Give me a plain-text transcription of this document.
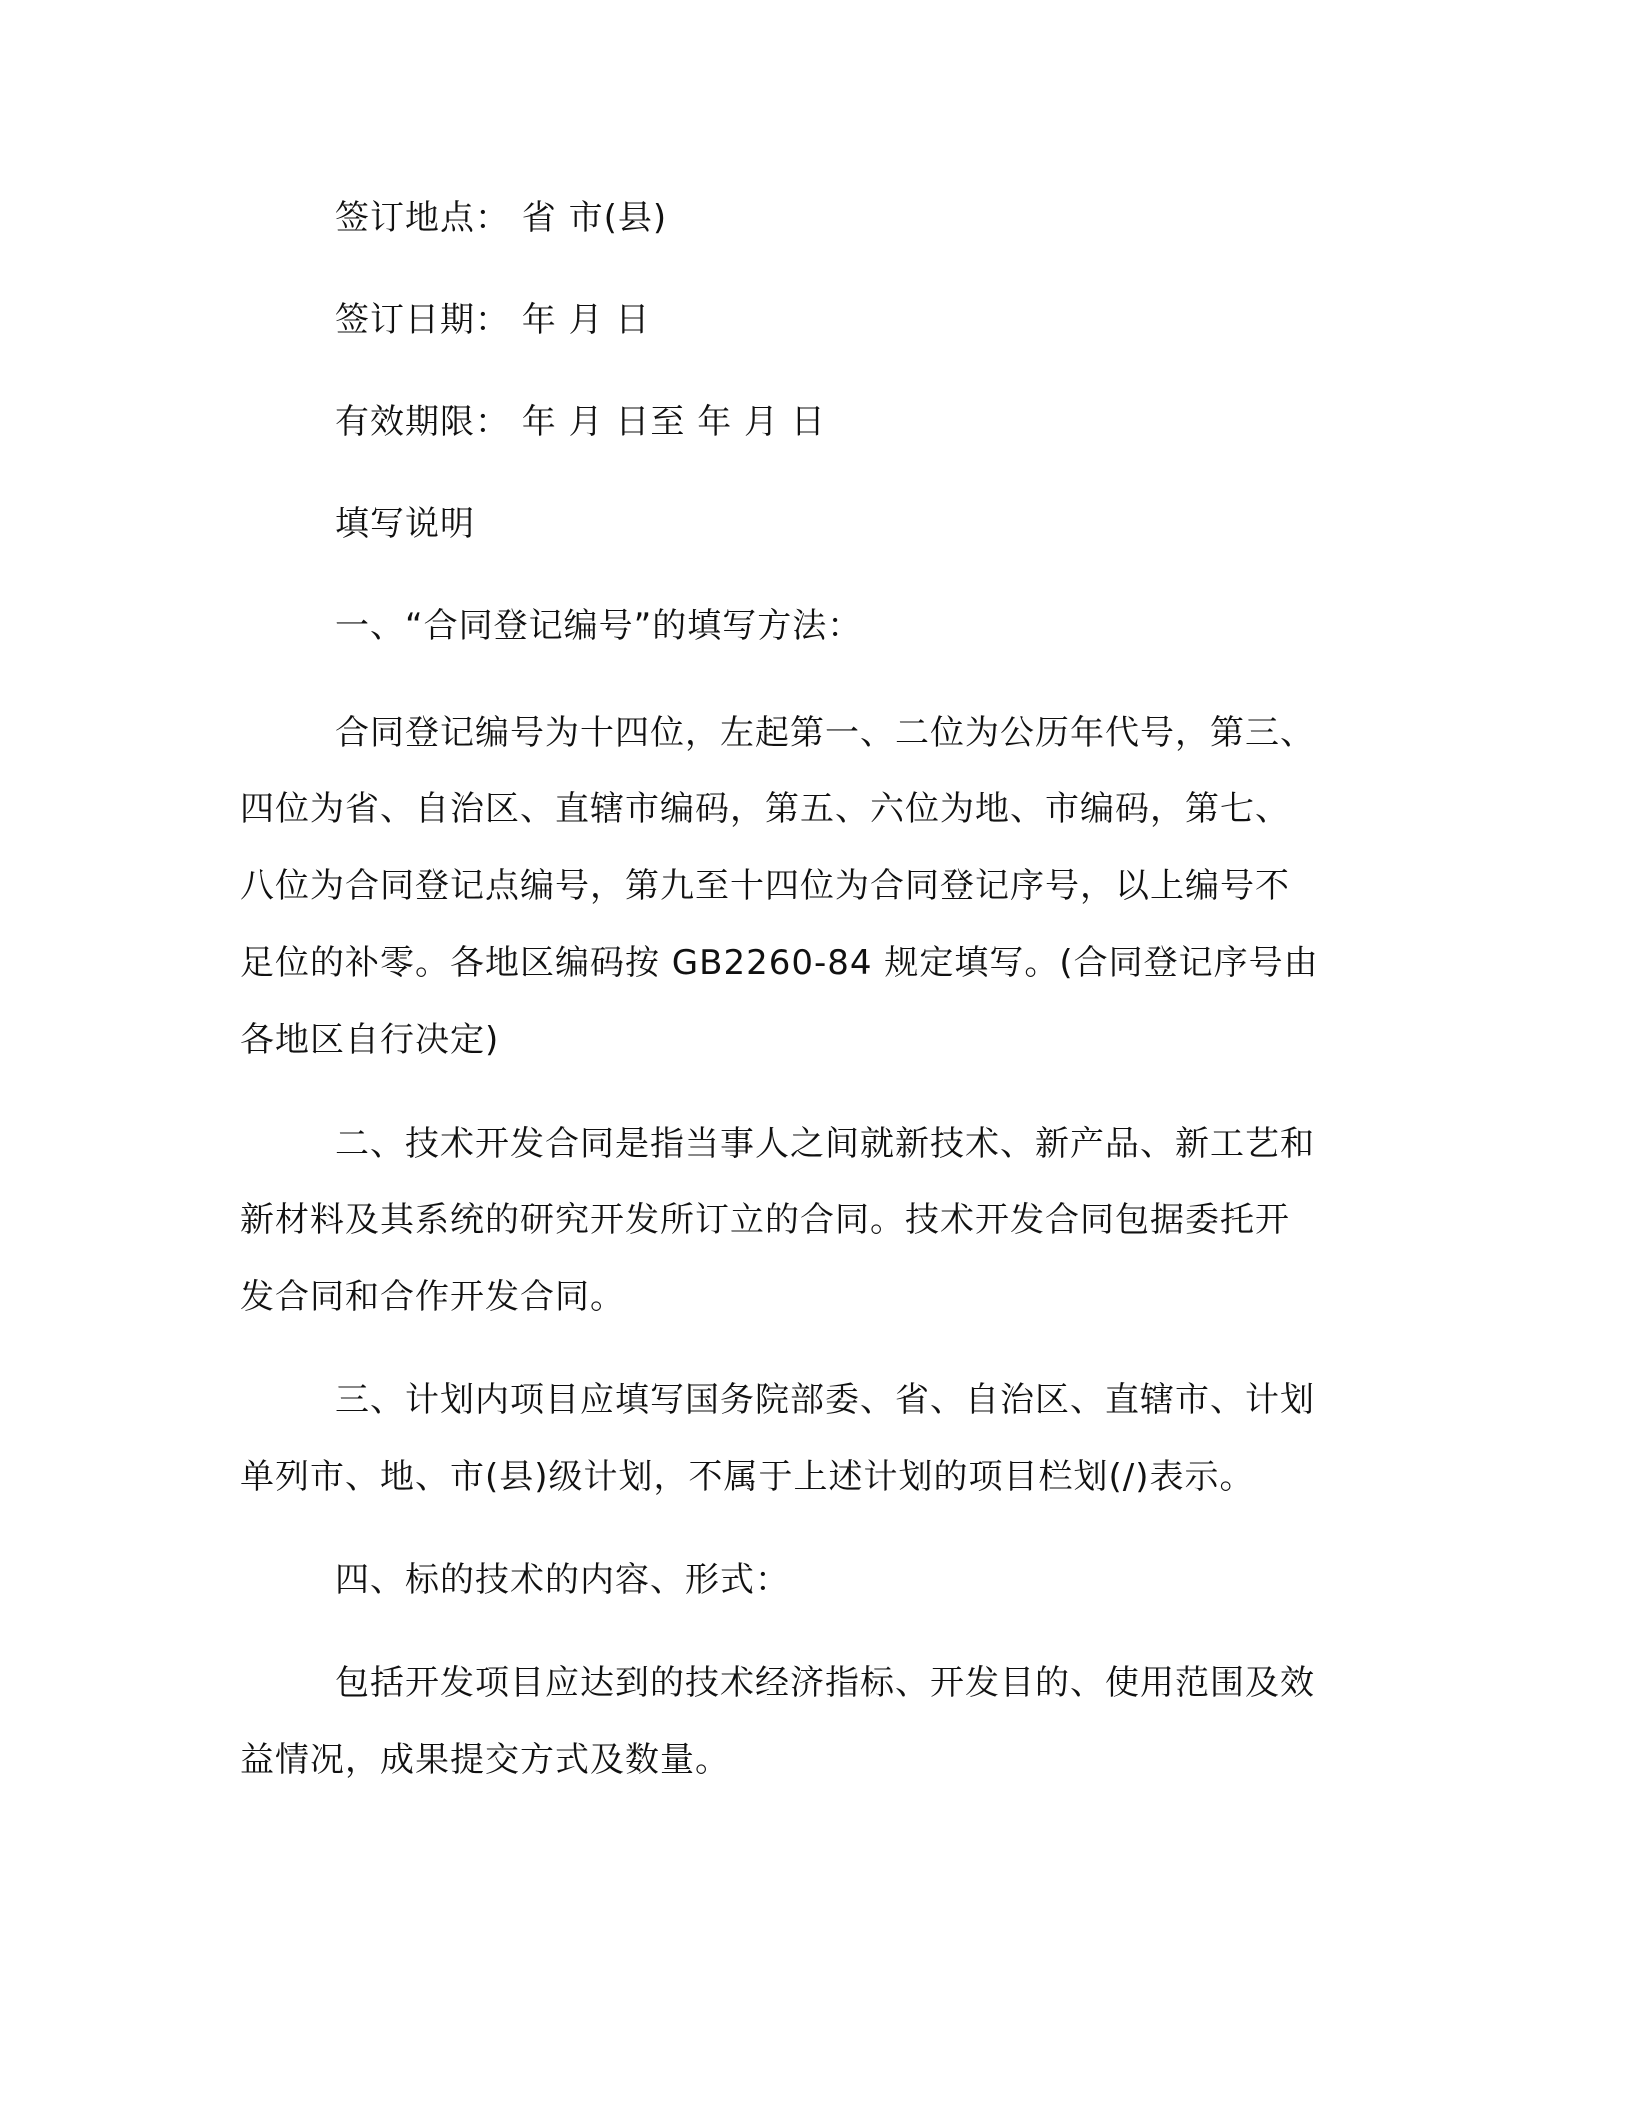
签订地点： 省 市(县)
签订日期： 年 月 日
有效期限： 年 月 日至 年 月 日
填写说明
一、“合同登记编号”的填写方法：
合同登记编号为十四位，左起第一、二位为公历年代号，第三、
四位为省、自治区、直辖市编码，第五、六位为地、市编码，第七、
八位为合同登记点编号，第九至十四位为合同登记序号，以上编号不
足位的补零。各地区编码按 GB2260-84 规定填写。(合同登记序号由
各地区自行决定)
二、技术开发合同是指当事人之间就新技术、新产品、新工艺和
新材料及其系统的研究开发所订立的合同。技术开发合同包据委托开
发合同和合作开发合同。
三、计划内项目应填写国务院部委、省、自治区、直辖市、计划
单列市、地、市(县)级计划，不属于上述计划的项目栏划(/)表示。
四、标的技术的内容、形式：
包括开发项目应达到的技术经济指标、开发目的、使用范围及效
益情况，成果提交方式及数量。
